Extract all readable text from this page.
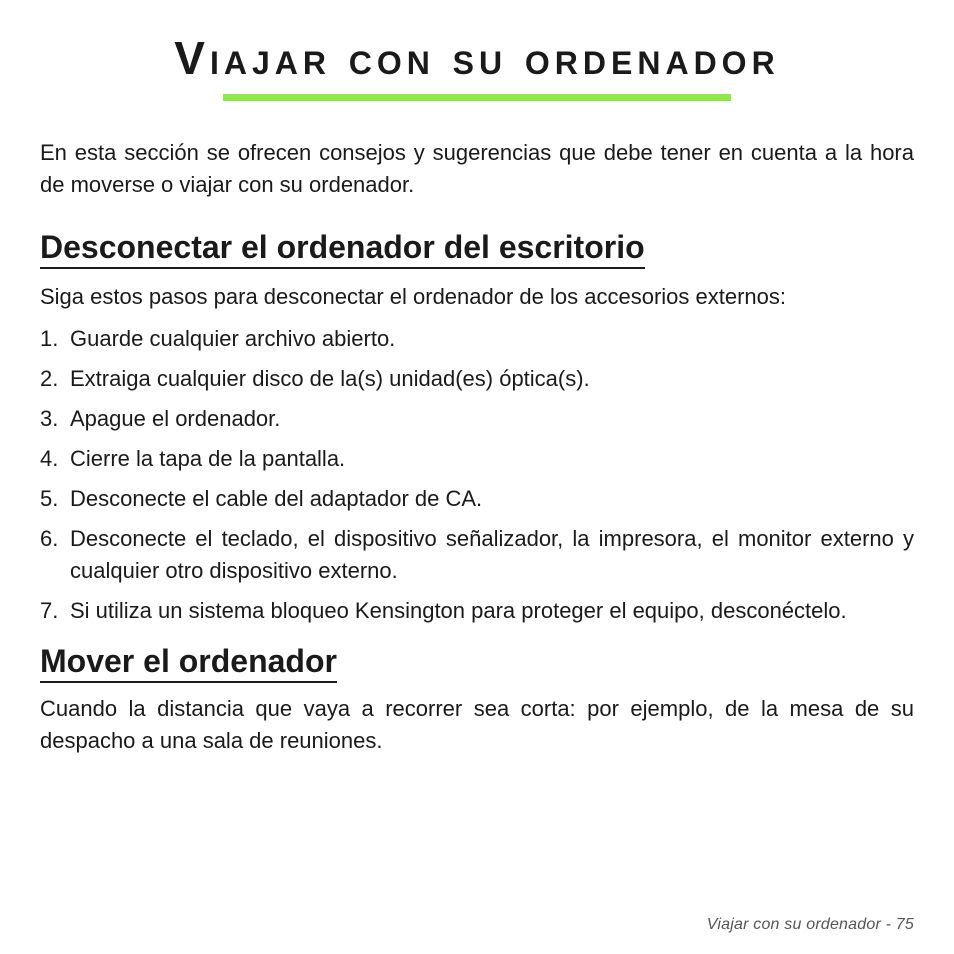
Viajar con su ordenador

En esta sección se ofrecen consejos y sugerencias que debe tener en cuenta a la hora de moverse o viajar con su ordenador.

Desconectar el ordenador del escritorio

Siga estos pasos para desconectar el ordenador de los accesorios externos:

1. Guarde cualquier archivo abierto.
2. Extraiga cualquier disco de la(s) unidad(es) óptica(s).
3. Apague el ordenador.
4. Cierre la tapa de la pantalla.
5. Desconecte el cable del adaptador de CA.
6. Desconecte el teclado, el dispositivo señalizador, la impresora, el monitor externo y cualquier otro dispositivo externo.
7. Si utiliza un sistema bloqueo Kensington para proteger el equipo, desconéctelo.
Mover el ordenador

Cuando la distancia que vaya a recorrer sea corta: por ejemplo, de la mesa de su despacho a una sala de reuniones.

Viajar con su ordenador - 75
